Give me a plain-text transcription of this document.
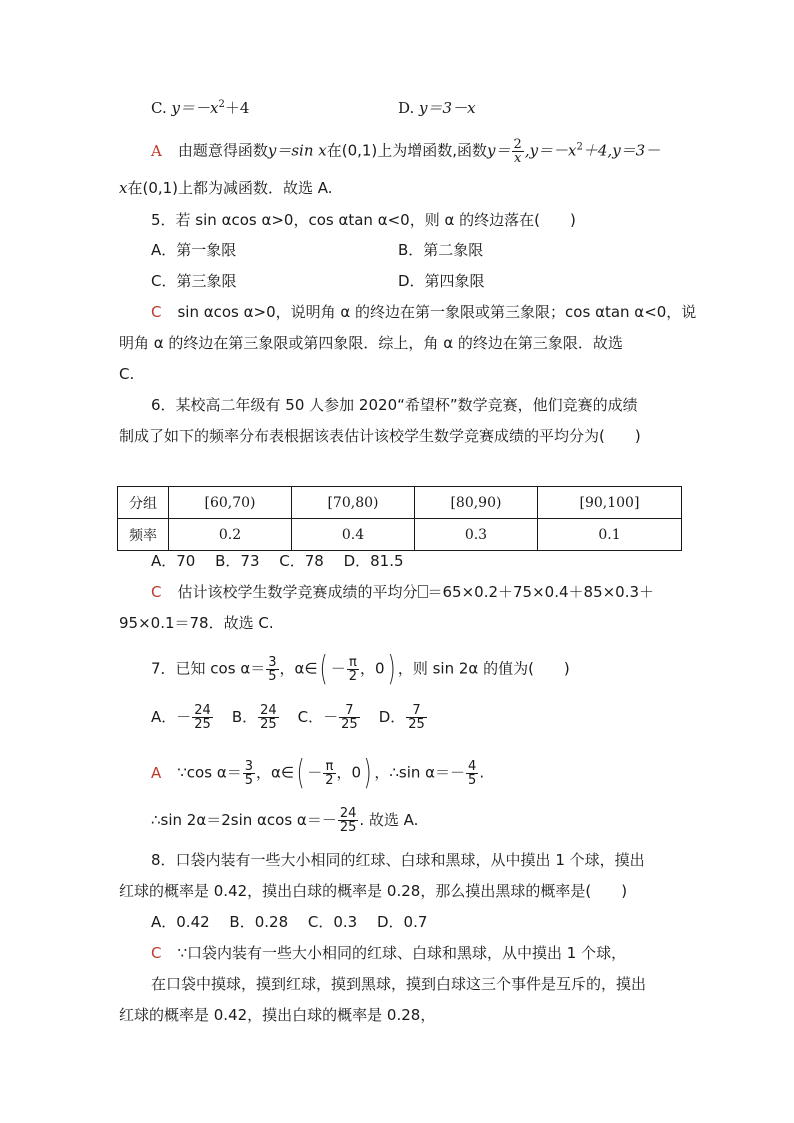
C. $y=-x^2+4$	D. y＝3－x
A 由题意得函数y＝sin x在(0,1)上为增函数,函数$y= \frac{2}{x} ,y=-x^2+4,y=3-$
x在(0,1)上都为减函数．故选 A.
5．若 sin αcos α>0，cos αtan α<0，则 α 的终边落在(　　)
A．第一象限	B．第二象限
C．第三象限	D．第四象限
C sin αcos α>0，说明角 α 的终边在第一象限或第三象限；cos αtan α<0，说
明角 α 的终边在第三象限或第四象限．综上，角 α 的终边在第三象限．故选
C.
6．某校高二年级有 50 人参加 2020“希望杯”数学竞赛，他们竞赛的成绩
制成了如下的频率分布表根据该表估计该校学生数学竞赛成绩的平均分为(　　)
分组	[60,70)	[70,80)	[80,90)	[90,100]
频率	0.2	0.4	0.3	0.1
A．70　 B．73　 C．78　 D．81.5
C 估计该校学生数学竞赛成绩的平均分 ＝65×0.2＋75×0.4＋85×0.3＋
95×0.1＝78．故选 C.
7．已知 $\cos \alpha= \frac{3}{5}$ ，α∈( － $\frac{\pi}{2}$ ，0) ，则 sin 2α 的值为(　　)
A．－ $\frac{24}{25}$ B． $\frac{24}{25}$ C．－ $\frac{7}{25}$ D． $\frac{7}{25}$
A ∵cos $\alpha= \frac{3}{5}$ ，α∈( － $\frac{\pi}{2}$ ，0) ，∴sin $\alpha=- \frac{4}{5}$ .
∴sin 2α＝2sin αcos $\alpha=- \frac{24}{25}$ . 故选 A.
8．口袋内装有一些大小相同的红球、白球和黑球，从中摸出 1 个球，摸出
红球的概率是 0.42，摸出白球的概率是 0.28，那么摸出黑球的概率是(　　)
A．0.42　 B．0.28　 C．0.3　 D．0.7
C ∵口袋内装有一些大小相同的红球、白球和黑球，从中摸出 1 个球，
在口袋中摸球，摸到红球，摸到黑球，摸到白球这三个事件是互斥的，摸出
红球的概率是 0.42，摸出白球的概率是 0.28，
